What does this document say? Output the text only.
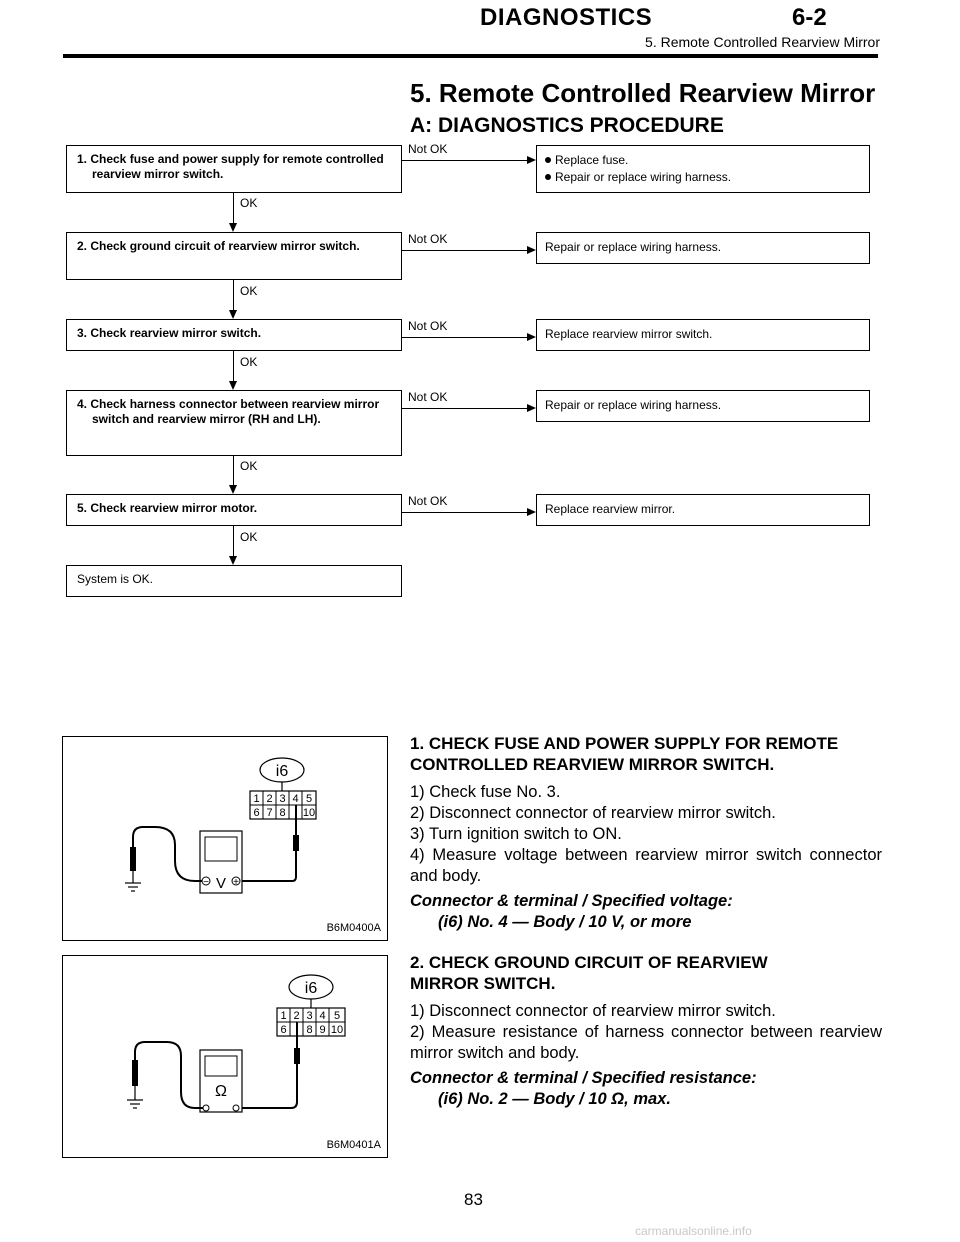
DIAGNOSTICS	6-2
5. Remote Controlled Rearview Mirror
5. Remote Controlled Rearview Mirror
A: DIAGNOSTICS PROCEDURE
1. Check fuse and power supply for remote controlled rearview mirror switch.
2. Check ground circuit of rearview mirror switch.
3. Check rearview mirror switch.
4. Check harness connector between rearview mirror switch and rearview mirror (RH and LH).
5. Check rearview mirror motor.
System is OK.
Replace fuse.
Repair or replace wiring harness.
Repair or replace wiring harness.
Replace rearview mirror switch.
Repair or replace wiring harness.
Replace rearview mirror.
Not OK
Not OK
Not OK
Not OK
Not OK
OK
OK
OK
OK
OK
i6
1 2 3 4 5
6 7 8 10
− V +
B6M0400A
i6
1 2 3 4 5
6 8 9 10
Ω
B6M0401A
1. CHECK FUSE AND POWER SUPPLY FOR REMOTE CONTROLLED REARVIEW MIRROR SWITCH.
1) Check fuse No. 3.
2) Disconnect connector of rearview mirror switch.
3) Turn ignition switch to ON.
4) Measure voltage between rearview mirror switch connector and body.
Connector & terminal / Specified voltage:
(i6) No. 4 — Body / 10 V, or more
2. CHECK GROUND CIRCUIT OF REARVIEW MIRROR SWITCH.
1) Disconnect connector of rearview mirror switch.
2) Measure resistance of harness connector between rearview mirror switch and body.
Connector & terminal / Specified resistance:
(i6) No. 2 — Body / 10 Ω, max.
83
carmanualsonline.info
